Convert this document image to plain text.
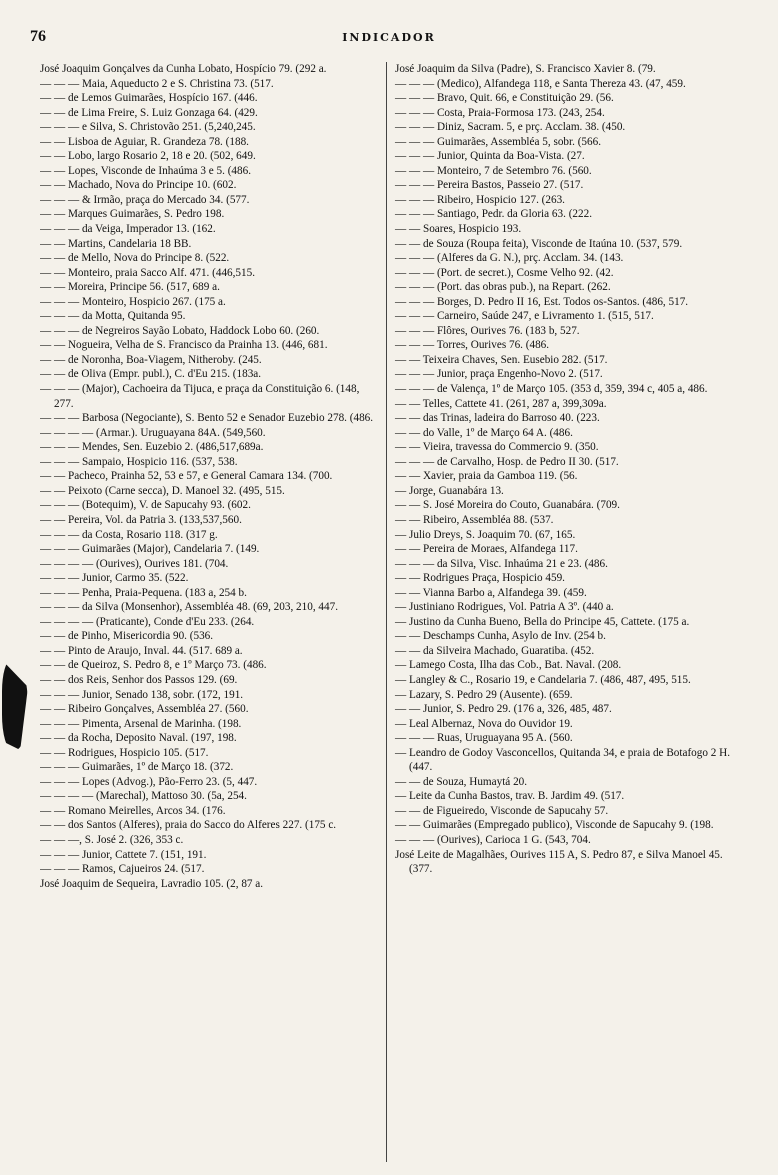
76	INDICADOR
José Joaquim Gonçalves da Cunha Lobato, Hospício 79. (292 a.
— — — Maia, Aqueducto 2 e S. Christina 73. (517.
— — de Lemos Guimarães, Hospício 167. (446.
— — de Lima Freire, S. Luiz Gonzaga 64. (429.
— — — e Silva, S. Christovão 251. (5,240,245.
— — Lisboa de Aguiar, R. Grandeza 78. (188.
— — Lobo, largo Rosario 2, 18 e 20. (502, 649.
— — Lopes, Visconde de Inhaúma 3 e 5. (486.
— — Machado, Nova do Principe 10. (602.
— — — & Irmão, praça do Mercado 34. (577.
— — Marques Guimarães, S. Pedro 198.
— — — da Veiga, Imperador 13. (162.
— — Martins, Candelaria 18 BB.
— — de Mello, Nova do Principe 8. (522.
— — Monteiro, praia Sacco Alf. 471. (446,515.
— — Moreira, Principe 56. (517, 689 a.
— — — Monteiro, Hospicio 267. (175 a.
— — — da Motta, Quitanda 95.
— — — de Negreiros Sayão Lobato, Haddock Lobo 60. (260.
— — Nogueira, Velha de S. Francisco da Prainha 13. (446, 681.
— — de Noronha, Boa-Viagem, Nitheroby. (245.
— — de Oliva (Empr. publ.), C. d'Eu 215. (183a.
— — — (Major), Cachoeira da Tijuca, e praça da Constituição 6. (148, 277.
— — — Barbosa (Negociante), S. Bento 52 e Senador Euzebio 278. (486.
— — — — (Armar.). Uruguayana 84A. (549,560.
— — — Mendes, Sen. Euzebio 2. (486,517,689a.
— — — Sampaio, Hospicio 116. (537, 538.
— — Pacheco, Prainha 52, 53 e 57, e General Camara 134. (700.
— — Peixoto (Carne secca), D. Manoel 32. (495, 515.
— — — (Botequim), V. de Sapucahy 93. (602.
— — Pereira, Vol. da Patria 3. (133,537,560.
— — — da Costa, Rosario 118. (317 g.
— — — Guimarães (Major), Candelaria 7. (149.
— — — — (Ourives), Ourives 181. (704.
— — — Junior, Carmo 35. (522.
— — — Penha, Praia-Pequena. (183 a, 254 b.
— — — da Silva (Monsenhor), Assembléa 48. (69, 203, 210, 447.
— — — — (Praticante), Conde d'Eu 233. (264.
— — de Pinho, Misericordia 90. (536.
— — Pinto de Araujo, Inval. 44. (517. 689 a.
— — de Queiroz, S. Pedro 8, e 1º Março 73. (486.
— — dos Reis, Senhor dos Passos 129. (69.
— — — Junior, Senado 138, sobr. (172, 191.
— — Ribeiro Gonçalves, Assembléa 27. (560.
— — — Pimenta, Arsenal de Marinha. (198.
— — da Rocha, Deposito Naval. (197, 198.
— — Rodrigues, Hospicio 105. (517.
— — — Guimarães, 1º de Março 18. (372.
— — — Lopes (Advog.), Pão-Ferro 23. (5, 447.
— — — — (Marechal), Mattoso 30. (5a, 254.
— — Romano Meirelles, Arcos 34. (176.
— — dos Santos (Alferes), praia do Sacco do Alferes 227. (175 c.
— — —, S. José 2. (326, 353 c.
— — — Junior, Cattete 7. (151, 191.
— — — Ramos, Cajueiros 24. (517.
José Joaquim de Sequeira, Lavradio 105. (2, 87 a.
José Joaquim da Silva (Padre), S. Francisco Xavier 8. (79.
— — — (Medico), Alfandega 118, e Santa Thereza 43. (47, 459.
— — — Bravo, Quit. 66, e Constituição 29. (56.
— — — Costa, Praia-Formosa 173. (243, 254.
— — — Diniz, Sacram. 5, e prç. Acclam. 38. (450.
— — — Guimarães, Assembléa 5, sobr. (566.
— — — Junior, Quinta da Boa-Vista. (27.
— — — Monteiro, 7 de Setembro 76. (560.
— — — Pereira Bastos, Passeio 27. (517.
— — — Ribeiro, Hospicio 127. (263.
— — — Santiago, Pedr. da Gloria 63. (222.
— — Soares, Hospicio 193.
— — de Souza (Roupa feita), Visconde de Itaúna 10. (537, 579.
— — — (Alferes da G. N.), prç. Acclam. 34. (143.
— — — (Port. de secret.), Cosme Velho 92. (42.
— — — (Port. das obras pub.), na Repart. (262.
— — — Borges, D. Pedro II 16, Est. Todos os-Santos. (486, 517.
— — — Carneiro, Saúde 247, e Livramento 1. (515, 517.
— — — Flôres, Ourives 76. (183 b, 527.
— — — Torres, Ourives 76. (486.
— — Teixeira Chaves, Sen. Eusebio 282. (517.
— — — Junior, praça Engenho-Novo 2. (517.
— — — de Valença, 1º de Março 105. (353 d, 359, 394 c, 405 a, 486.
— — Telles, Cattete 41. (261, 287 a, 399,309a.
— — das Trinas, ladeira do Barroso 40. (223.
— — do Valle, 1º de Março 64 A. (486.
— — Vieira, travessa do Commercio 9. (350.
— — — de Carvalho, Hosp. de Pedro II 30. (517.
— — Xavier, praia da Gamboa 119. (56.
— Jorge, Guanabára 13.
— — S. José Moreira do Couto, Guanabára. (709.
— — Ribeiro, Assembléa 88. (537.
— Julio Dreys, S. Joaquim 70. (67, 165.
— — Pereira de Moraes, Alfandega 117.
— — — da Silva, Visc. Inhaúma 21 e 23. (486.
— — Rodrigues Praça, Hospicio 459.
— — Vianna Barbo a, Alfandega 39. (459.
— Justiniano Rodrigues, Vol. Patria A 3º. (440 a.
— Justino da Cunha Bueno, Bella do Principe 45, Cattete. (175 a.
— — Deschamps Cunha, Asylo de Inv. (254 b.
— — da Silveira Machado, Guaratiba. (452.
— Lamego Costa, Ilha das Cob., Bat. Naval. (208.
— Langley & C., Rosario 19, e Candelaria 7. (486, 487, 495, 515.
— Lazary, S. Pedro 29 (Ausente). (659.
— — Junior, S. Pedro 29. (176 a, 326, 485, 487.
— Leal Albernaz, Nova do Ouvidor 19.
— — — Ruas, Uruguayana 95 A. (560.
— Leandro de Godoy Vasconcellos, Quitanda 34, e praia de Botafogo 2 H. (447.
— — de Souza, Humaytá 20.
— Leite da Cunha Bastos, trav. B. Jardim 49. (517.
— — de Figueiredo, Visconde de Sapucahy 57.
— — Guimarães (Empregado publico), Visconde de Sapucahy 9. (198.
— — — (Ourives), Carioca 1 G. (543, 704.
José Leite de Magalhães, Ourives 115 A, S. Pedro 87, e Silva Manoel 45. (377.
